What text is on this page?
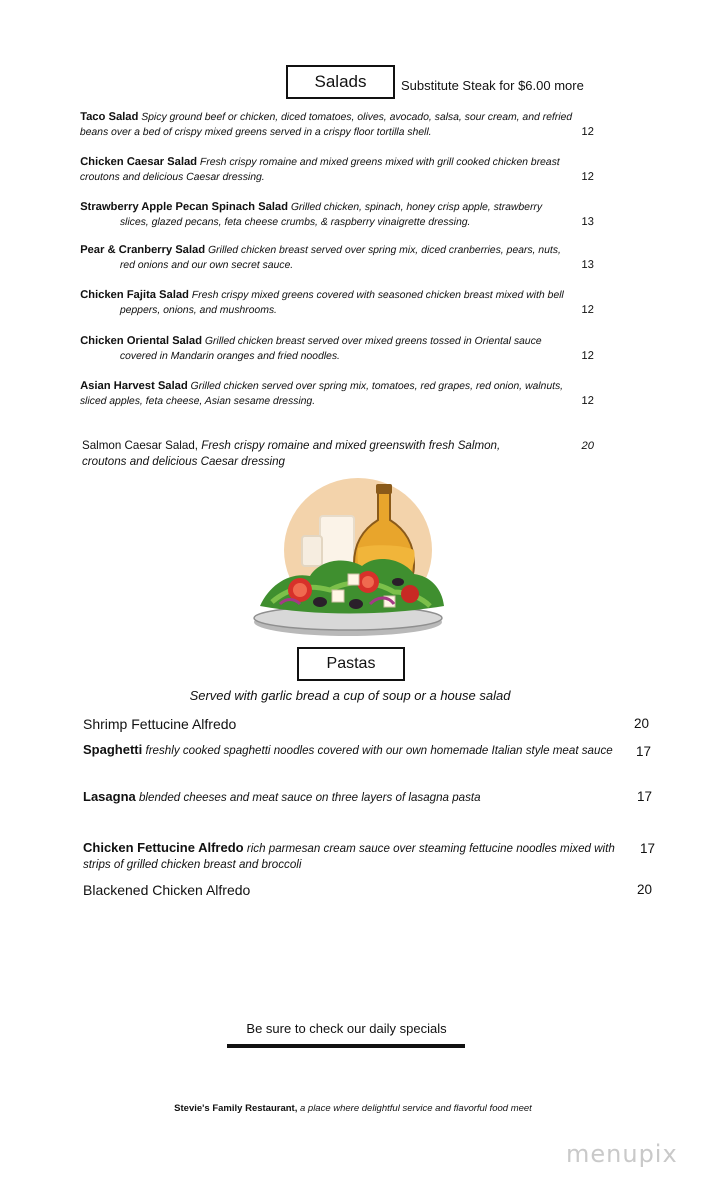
Salads	Substitute Steak for $6.00 more
Taco Salad Spicy ground beef or chicken, diced tomatoes, olives, avocado, salsa, sour cream, and refried
beans over a bed of crispy mixed greens served in a crispy floor tortilla shell.	12
Chicken Caesar Salad Fresh crispy romaine and mixed greens mixed with grill cooked chicken breast
croutons and delicious Caesar dressing.	12
Strawberry Apple Pecan Spinach Salad Grilled chicken, spinach, honey crisp apple, strawberry
slices, glazed pecans, feta cheese crumbs, & raspberry vinaigrette dressing.	13
Pear & Cranberry Salad Grilled chicken breast served over spring mix, diced cranberries, pears, nuts,
red onions and our own secret sauce.	13
Chicken Fajita Salad Fresh crispy mixed greens covered with seasoned chicken breast mixed with bell
peppers, onions, and mushrooms.	12
Chicken Oriental Salad Grilled chicken breast served over mixed greens tossed in Oriental sauce
covered in Mandarin oranges and fried noodles.	12
Asian Harvest Salad Grilled chicken served over spring mix, tomatoes, red grapes, red onion, walnuts,
sliced apples, feta cheese, Asian sesame dressing.	12
Salmon Caesar Salad, Fresh crispy romaine and mixed greenswith fresh Salmon,	20
croutons and delicious Caesar dressing
Pastas
Served with garlic bread a cup of soup or a house salad
Shrimp Fettucine Alfredo	20
Spaghetti freshly cooked spaghetti noodles covered with our own homemade Italian style meat sauce	17
Lasagna blended cheeses and meat sauce on three layers of lasagna pasta	17
Chicken Fettucine Alfredo rich parmesan cream sauce over steaming fettucine noodles mixed with strips of grilled chicken breast and broccoli
17
Blackened Chicken Alfredo	20
Be sure to check our daily specials
Stevie's Family Restaurant, a place where delightful service and flavorful food meet
menupix
